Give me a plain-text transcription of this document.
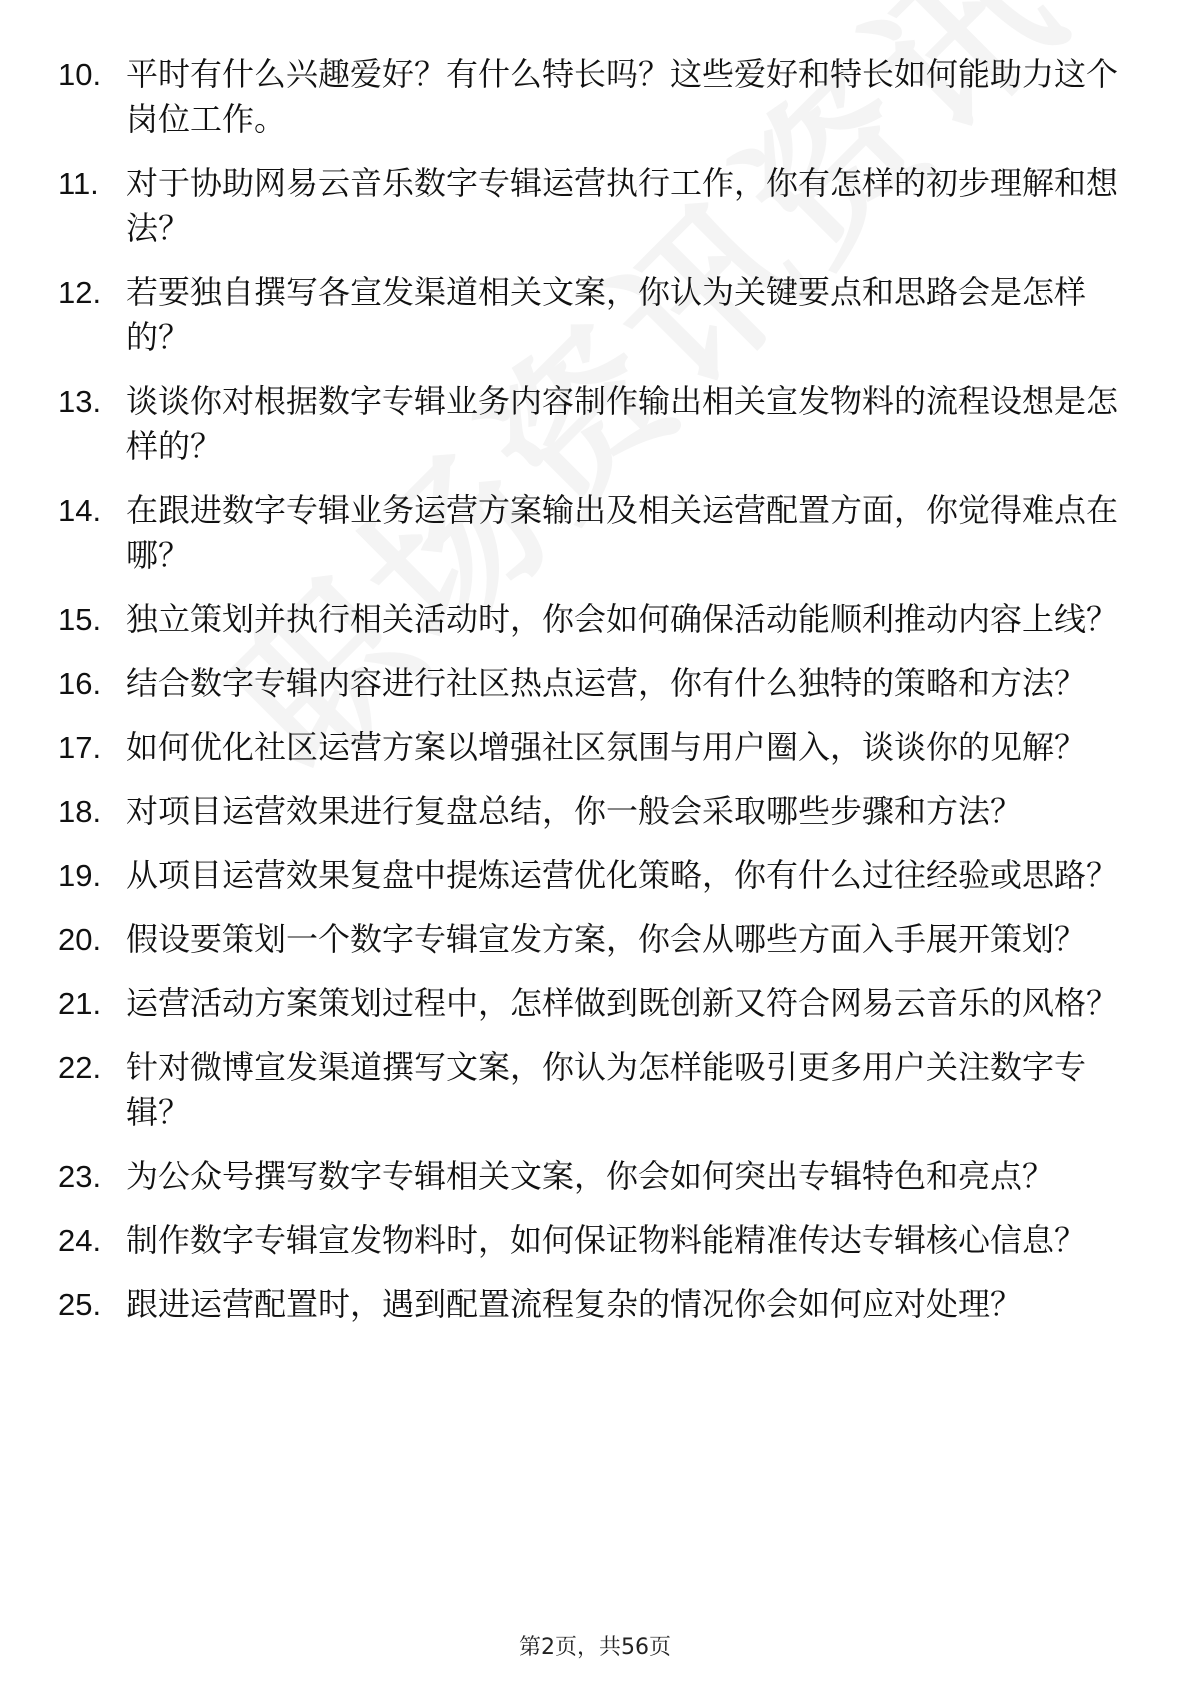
10. 平时有什么兴趣爱好？有什么特长吗？这些爱好和特长如何能助力这个岗位工作。
11. 对于协助网易云音乐数字专辑运营执行工作，你有怎样的初步理解和想法？
12. 若要独自撰写各宣发渠道相关文案，你认为关键要点和思路会是怎样的？
13. 谈谈你对根据数字专辑业务内容制作输出相关宣发物料的流程设想是怎样的？
14. 在跟进数字专辑业务运营方案输出及相关运营配置方面，你觉得难点在哪？
15. 独立策划并执行相关活动时，你会如何确保活动能顺利推动内容上线？
16. 结合数字专辑内容进行社区热点运营，你有什么独特的策略和方法？
17. 如何优化社区运营方案以增强社区氛围与用户圈入，谈谈你的见解？
18. 对项目运营效果进行复盘总结，你一般会采取哪些步骤和方法？
19. 从项目运营效果复盘中提炼运营优化策略，你有什么过往经验或思路？
20. 假设要策划一个数字专辑宣发方案，你会从哪些方面入手展开策划？
21. 运营活动方案策划过程中，怎样做到既创新又符合网易云音乐的风格？
22. 针对微博宣发渠道撰写文案，你认为怎样能吸引更多用户关注数字专辑？
23. 为公众号撰写数字专辑相关文案，你会如何突出专辑特色和亮点？
24. 制作数字专辑宣发物料时，如何保证物料能精准传达专辑核心信息？
25. 跟进运营配置时，遇到配置流程复杂的情况你会如何应对处理？
第2页，共56页
